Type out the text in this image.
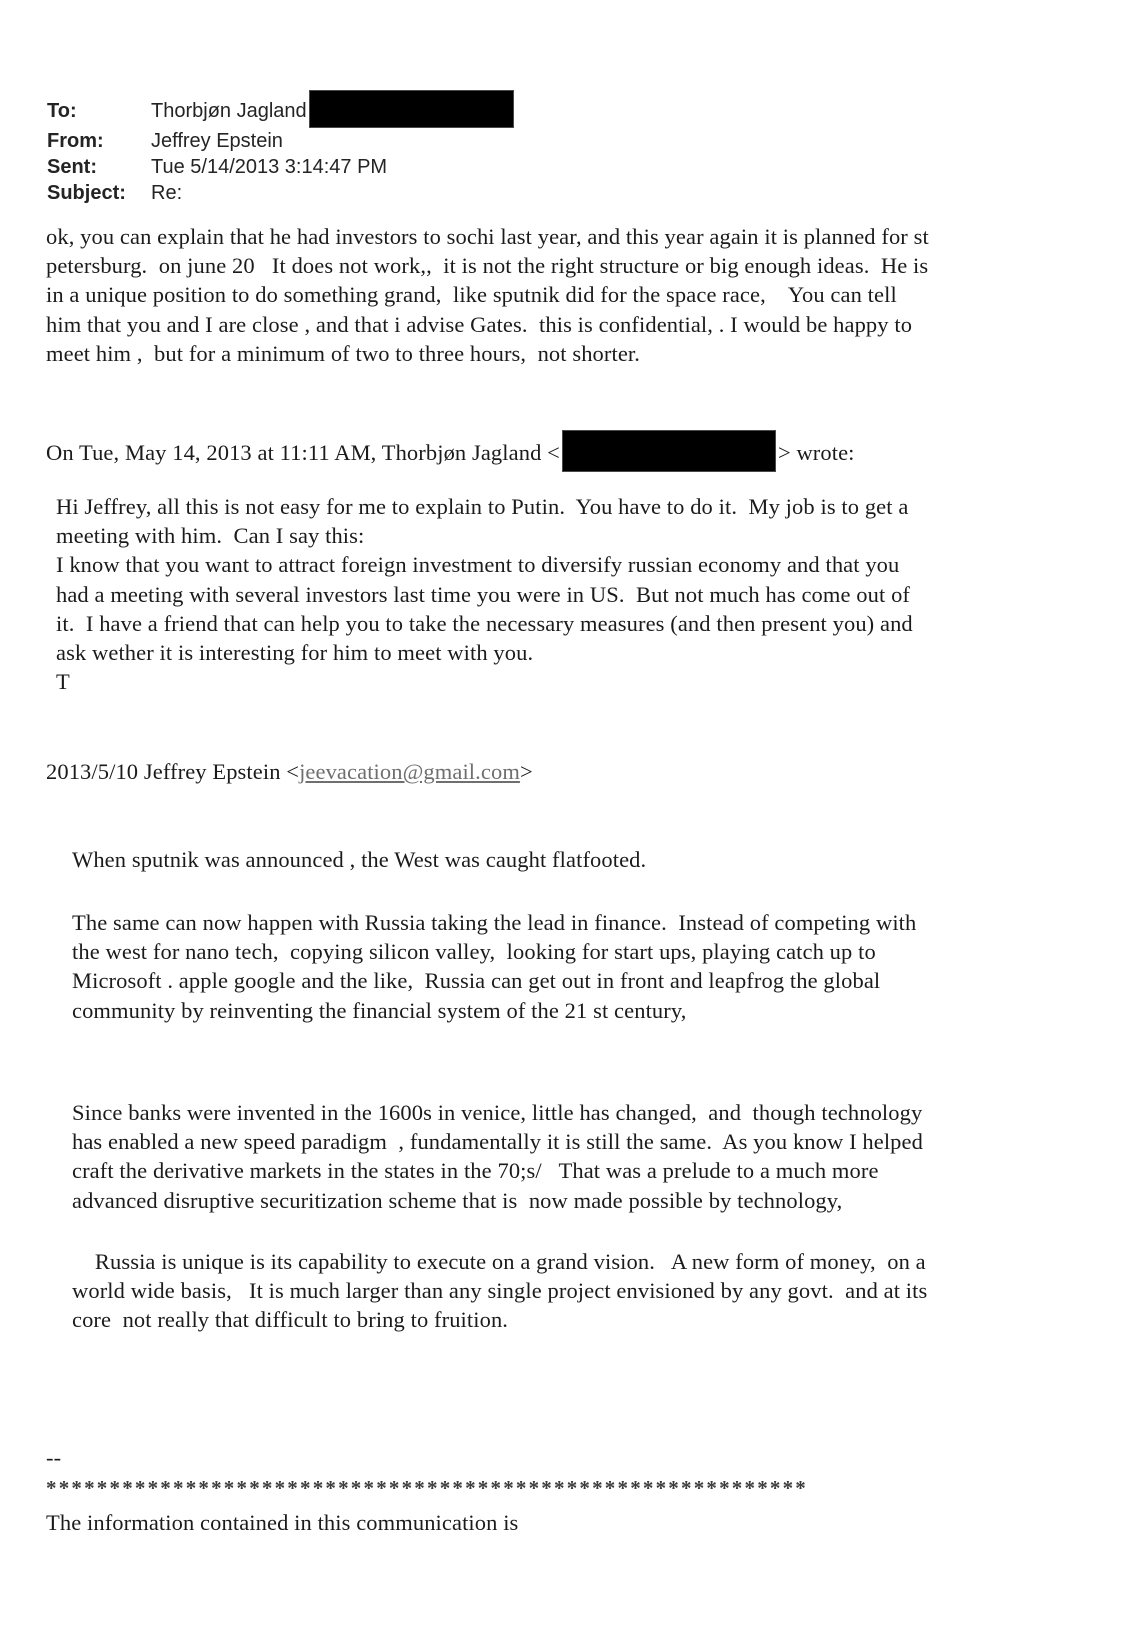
To:	Thorbjøn Jagland
From: Jeffrey Epstein
Sent:	Tue 5/14/2013 3:14:47 PM
Subject: Re:
ok, you can explain that he had investors to sochi last year, and this year again it is planned for st
petersburg.  on june 20   It does not work,,  it is not the right structure or big enough ideas.  He is
in a unique position to do something grand,  like sputnik did for the space race,    You can tell
him that you and I are close , and that i advise Gates.  this is confidential, . I would be happy to
meet him ,  but for a minimum of two to three hours,  not shorter.
On Tue, May 14, 2013 at 11:11 AM, Thorbjøn Jagland <	> wrote:
Hi Jeffrey, all this is not easy for me to explain to Putin.  You have to do it.  My job is to get a
meeting with him.  Can I say this:
I know that you want to attract foreign investment to diversify russian economy and that you
had a meeting with several investors last time you were in US.  But not much has come out of
it.  I have a friend that can help you to take the necessary measures (and then present you) and
ask wether it is interesting for him to meet with you.
T
2013/5/10 Jeffrey Epstein <jeevacation@gmail.com>
When sputnik was announced , the West was caught flatfooted.
The same can now happen with Russia taking the lead in finance.  Instead of competing with
the west for nano tech,  copying silicon valley,  looking for start ups, playing catch up to
Microsoft . apple google and the like,  Russia can get out in front and leapfrog the global
community by reinventing the financial system of the 21 st century,
Since banks were invented in the 1600s in venice, little has changed,  and  though technology
has enabled a new speed paradigm  , fundamentally it is still the same.  As you know I helped
craft the derivative markets in the states in the 70;s/   That was a prelude to a much more
advanced disruptive securitization scheme that is  now made possible by technology,
Russia is unique is its capability to execute on a grand vision.   A new form of money,  on a
world wide basis,   It is much larger than any single project envisioned by any govt.  and at its
core  not really that difficult to bring to fruition.
--
************************************************************
The information contained in this communication is
